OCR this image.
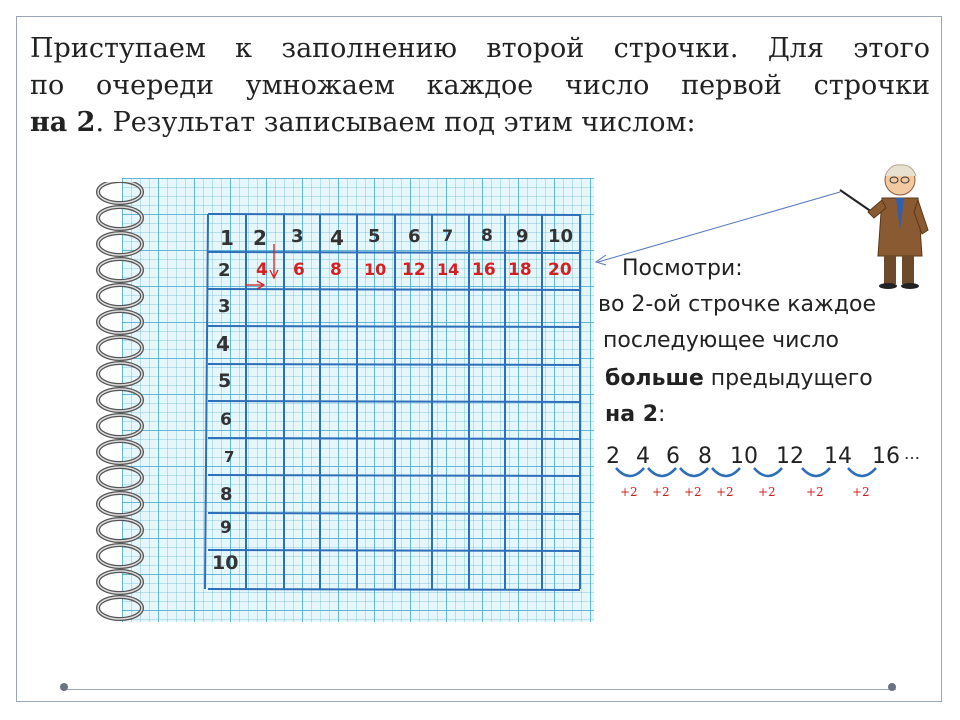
Приступаем к заполнению второй строчки. Для этого

по очереди умножаем каждое число первой строчки

на 2. Результат записываем под этим числом:

1 2 3 4 5 6 7 8 9 10
2 4 6 8 10 12 14 16 18 20
3
4
5
6
7
8
9
10
Посмотри:
во 2-ой строчке каждое
последующее число
больше предыдущего
на 2:
2 4 6 8 10 12 14 16 …
+2 +2 +2 +2 +2	+2 +2
